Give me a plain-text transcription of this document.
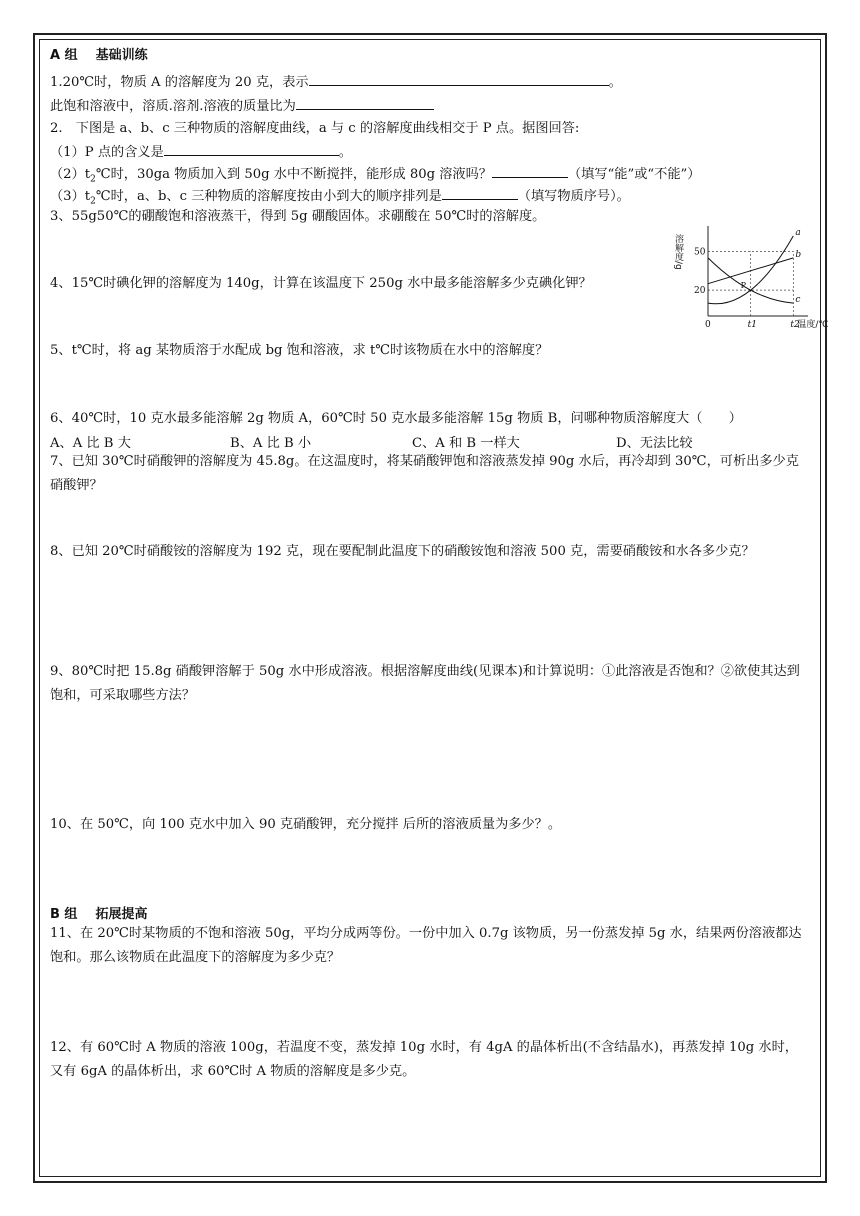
A 组 基础训练
1.20℃时，物质 A 的溶解度为 20 克，表示	。
此饱和溶液中，溶质.溶剂.溶液的质量比为
2.　下图是 a、b、c 三种物质的溶解度曲线，a 与 c 的溶解度曲线相交于 P 点。据图回答:
（1）P 点的含义是	。
$(2)t_2℃$时，30ga 物质加入到 50g 水中不断搅拌，能形成 80g 溶液吗？	（填写“能”或“不能”）
$(3)t_2℃$时，a、b、c 三种物质的溶解度按由小到大的顺序排列是	（填写物质序号）。
3、55g50℃的硼酸饱和溶液蒸干，得到 5g 硼酸固体。求硼酸在 50℃时的溶解度。
a
b
c
50
20
0	t1	t2
溶解度/g
温度/℃
P
4、15℃时碘化钾的溶解度为 140g，计算在该温度下 250g 水中最多能溶解多少克碘化钾？
5、t℃时，将 ag 某物质溶于水配成 bg 饱和溶液，求 t℃时该物质在水中的溶解度？
6、40℃时，10 克水最多能溶解 2g 物质 A，60℃时 50 克水最多能溶解 15g 物质 B，问哪种物质溶解度大（　　）
A、A 比 B 大	B、A 比 B 小	C、A 和 B 一样大	D、无法比较
7、已知 30℃时硝酸钾的溶解度为 45.8g。在这温度时，将某硝酸钾饱和溶液蒸发掉 90g 水后，再冷却到 30℃，可析出多少克硝酸钾？
8、已知 20℃时硝酸铵的溶解度为 192 克，现在要配制此温度下的硝酸铵饱和溶液 500 克，需要硝酸铵和水各多少克？
9、80℃时把 15.8g 硝酸钾溶解于 50g 水中形成溶液。根据溶解度曲线(见课本)和计算说明：①此溶液是否饱和？②欲使其达到饱和，可采取哪些方法？
10、在 50℃，向 100 克水中加入 90 克硝酸钾，充分搅拌 后所的溶液质量为多少？。
B 组 拓展提高
11、在 20℃时某物质的不饱和溶液 50g，平均分成两等份。一份中加入 0.7g 该物质，另一份蒸发掉 5g 水，结果两份溶液都达饱和。那么该物质在此温度下的溶解度为多少克？
12、有 60℃时 A 物质的溶液 100g，若温度不变，蒸发掉 10g 水时，有 4gA 的晶体析出(不含结晶水)，再蒸发掉 10g 水时，又有 6gA 的晶体析出，求 60℃时 A 物质的溶解度是多少克。
